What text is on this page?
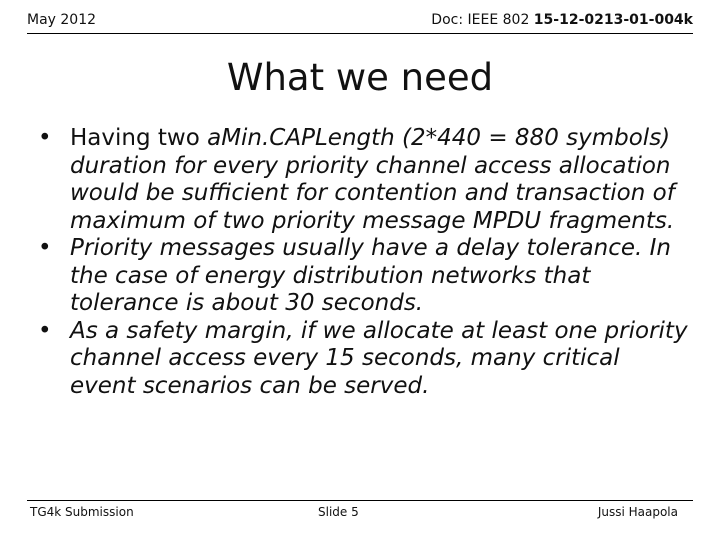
May 2012	Doc: IEEE 802 15-12-0213-01-004k
What we need
• Having two aMin.CAPLength (2*440 = 880 symbols) duration for every priority channel access allocation would be sufficient for contention and transaction of maximum of two priority message MPDU fragments.
• Priority messages usually have a delay tolerance. In the case of energy distribution networks that tolerance is about 30 seconds.
• As a safety margin, if we allocate at least one priority channel access every 15 seconds, many critical event scenarios can be served.
TG4k Submission	Slide 5	Jussi Haapola
